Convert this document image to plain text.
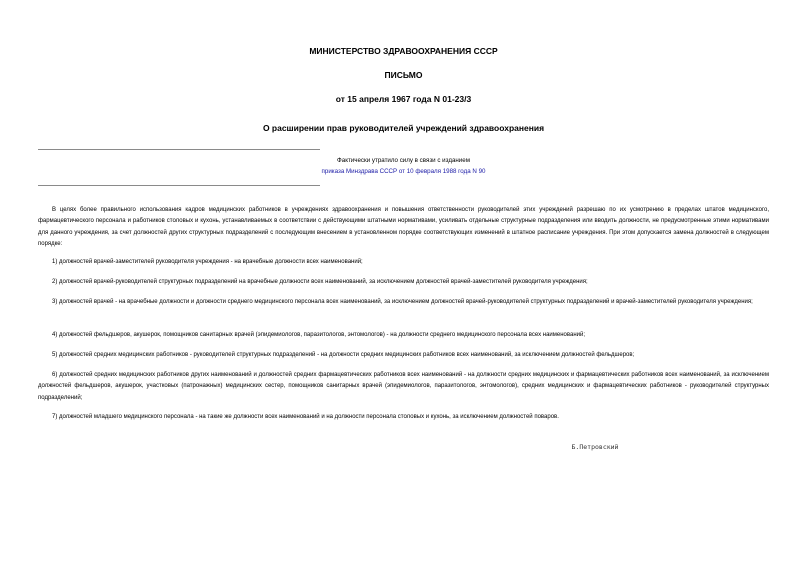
МИНИСТЕРСТВО ЗДРАВООХРАНЕНИЯ СССР
ПИСЬМО
от 15 апреля 1967 года N 01-23/3
О расширении прав руководителей учреждений здравоохранения
Фактически утратило силу в связи с изданием
приказа Минздрава СССР от 10 февраля 1988 года N 90

В целях более правильного использования кадров медицинских работников в учреждениях здравоохранения и повышения ответственности руководителей этих учреждений разрешаю по их усмотрению в пределах штатов медицинского, фармацевтического персонала и работников столовых и кухонь, устанавливаемых в соответствии с действующими штатными нормативами, усиливать отдельные структурные подразделения или вводить должности, не предусмотренные этими нормативами для данного учреждения, за счет должностей других структурных подразделений с последующим внесением в установленном порядке соответствующих изменений в штатное расписание учреждения. При этом допускается замена должностей в следующем порядке:

1) должностей врачей-заместителей руководителя учреждения - на врачебные должности всех наименований;

2) должностей врачей-руководителей структурных подразделений на врачебные должности всех наименований, за исключением должностей врачей-заместителей руководителя учреждения;

3) должностей врачей - на врачебные должности и должности среднего медицинского персонала всех наименований, за исключением должностей врачей-руководителей структурных подразделений и врачей-заместителей руководителя учреждения;

4) должностей фельдшеров, акушерок, помощников санитарных врачей (эпидемиологов, паразитологов, энтомологов) - на должности среднего медицинского персонала всех наименований;

5) должностей средних медицинских работников - руководителей структурных подразделений - на должности средних медицинских работников всех наименований, за исключением должностей фельдшеров;

6) должностей средних медицинских работников других наименований и должностей средних фармацевтических работников всех наименований - на должности средних медицинских и фармацевтических работников всех наименований, за исключением должностей фельдшеров, акушерок, участковых (патронажных) медицинских сестер, помощников санитарных врачей (эпидемиологов, паразитологов, энтомологов), средних медицинских и фармацевтических работников - руководителей структурных подразделений;

7) должностей младшего медицинского персонала - на такие же должности всех наименований и на должности персонала столовых и кухонь, за исключением должностей поваров.

Б.Петровский
